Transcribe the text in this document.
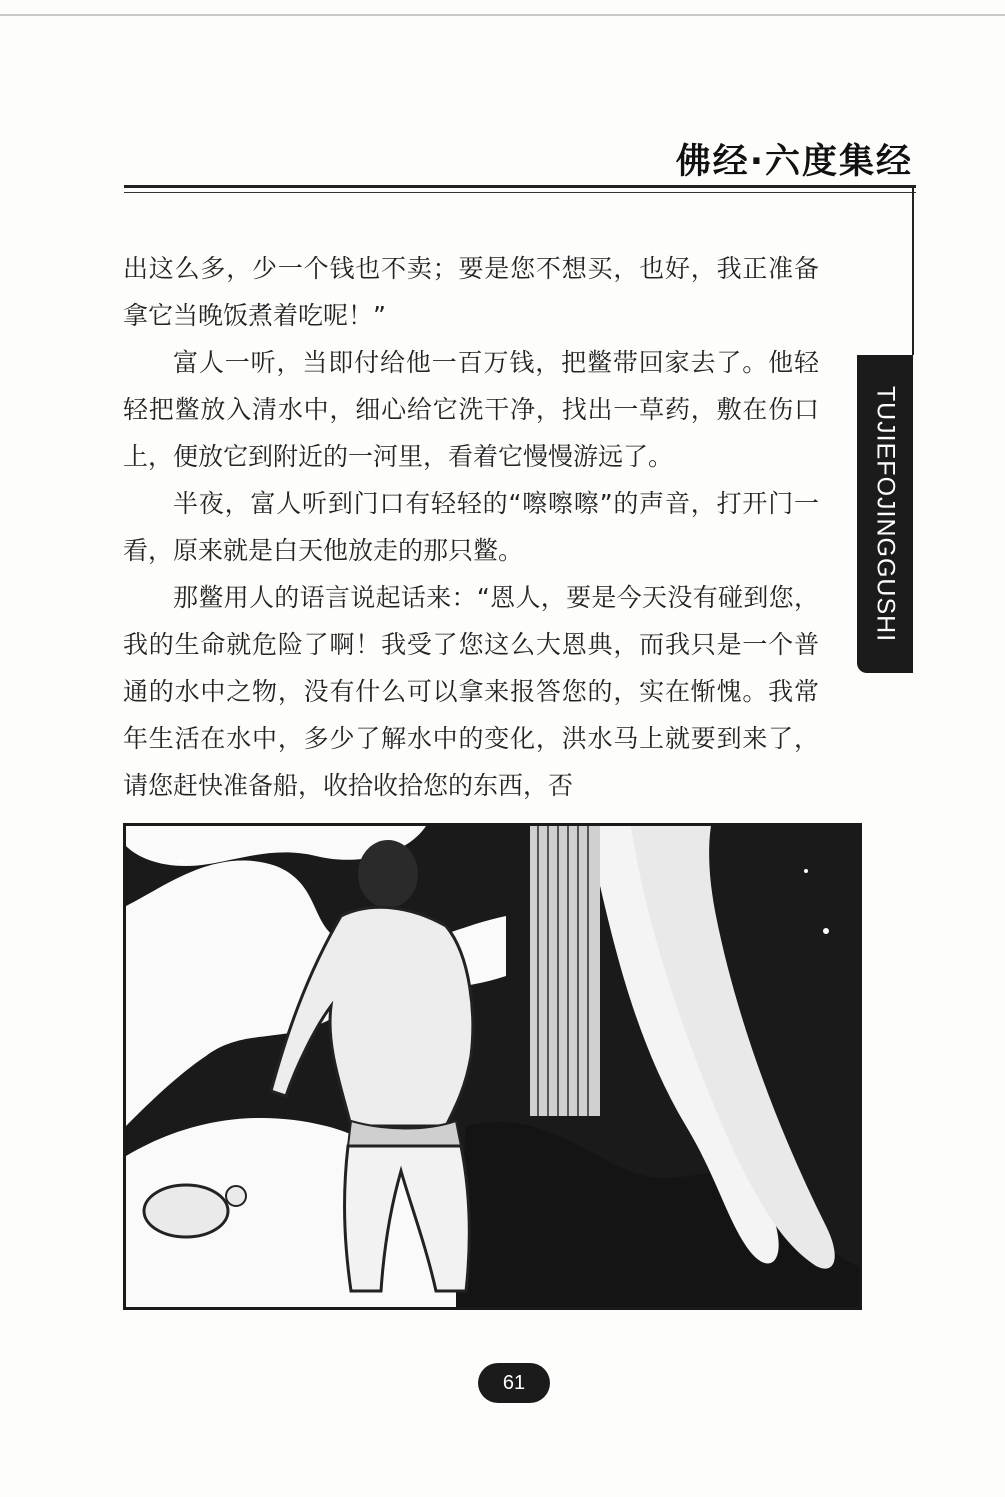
佛经·六度集经
TUJIEFOJINGGUSHI

出这么多，少一个钱也不卖；要是您不想买，也好，我正准备拿它当晚饭煮着吃呢！”

富人一听，当即付给他一百万钱，把鳖带回家去了。他轻轻把鳖放入清水中，细心给它洗干净，找出一草药，敷在伤口上，便放它到附近的一河里，看着它慢慢游远了。

半夜，富人听到门口有轻轻的“嚓嚓嚓”的声音，打开门一看，原来就是白天他放走的那只鳖。

那鳖用人的语言说起话来：“恩人，要是今天没有碰到您，我的生命就危险了啊！我受了您这么大恩典，而我只是一个普通的水中之物，没有什么可以拿来报答您的，实在惭愧。我常年生活在水中，多少了解水中的变化，洪水马上就要到来了，请您赶快准备船，收拾收拾您的东西，否

61
